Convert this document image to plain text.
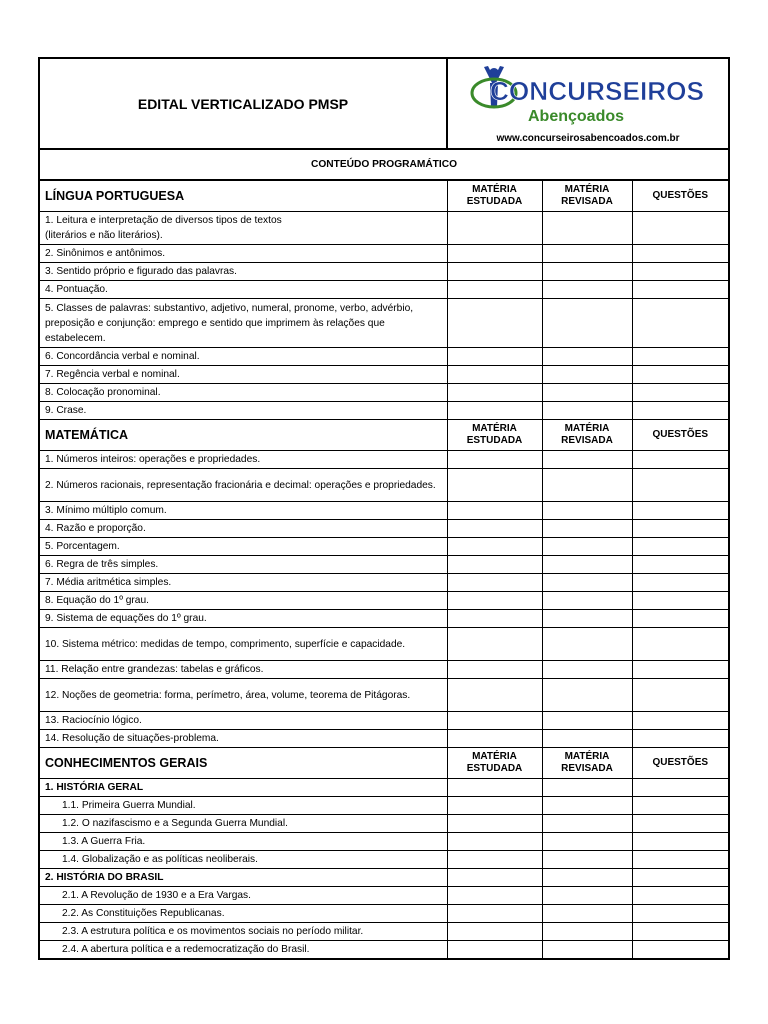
EDITAL VERTICALIZADO PMSP	CONCURSEIROS
Abençoados
www.concurseirosabencoados.com.br
CONTEÚDO PROGRAMÁTICO			
LÍNGUA PORTUGUESA	MATÉRIA ESTUDADA	MATÉRIA REVISADA	QUESTÕES
1. Leitura e interpretação de diversos tipos de textos
(literários e não literários).			
2. Sinônimos e antônimos.			
3. Sentido próprio e figurado das palavras.			
4. Pontuação.			
5. Classes de palavras: substantivo, adjetivo, numeral, pronome, verbo, advérbio, preposição e conjunção: emprego e sentido que imprimem às relações que estabelecem.			
6. Concordância verbal e nominal.			
7. Regência verbal e nominal.			
8. Colocação pronominal.			
9. Crase.			
MATEMÁTICA	MATÉRIA ESTUDADA	MATÉRIA REVISADA	QUESTÕES
1. Números inteiros: operações e propriedades.			
2. Números racionais, representação fracionária e decimal: operações e propriedades.			
3. Mínimo múltiplo comum.			
4. Razão e proporção.			
5. Porcentagem.			
6. Regra de três simples.			
7. Média aritmética simples.			
8. Equação do 1º grau.			
9. Sistema de equações do 1º grau.			
10. Sistema métrico: medidas de tempo, comprimento, superfície e capacidade.			
11. Relação entre grandezas: tabelas e gráficos.			
12. Noções de geometria: forma, perímetro, área, volume, teorema de Pitágoras.			
13. Raciocínio lógico.			
14. Resolução de situações-problema.			
CONHECIMENTOS GERAIS	MATÉRIA ESTUDADA	MATÉRIA REVISADA	QUESTÕES
1. HISTÓRIA GERAL			
1.1. Primeira Guerra Mundial.			
1.2. O nazifascismo e a Segunda Guerra Mundial.			
1.3. A Guerra Fria.			
1.4. Globalização e as políticas neoliberais.			
2. HISTÓRIA DO BRASIL			
2.1. A Revolução de 1930 e a Era Vargas.			
2.2. As Constituições Republicanas.			
2.3. A estrutura política e os movimentos sociais no período militar.			
2.4. A abertura política e a redemocratização do Brasil.			
